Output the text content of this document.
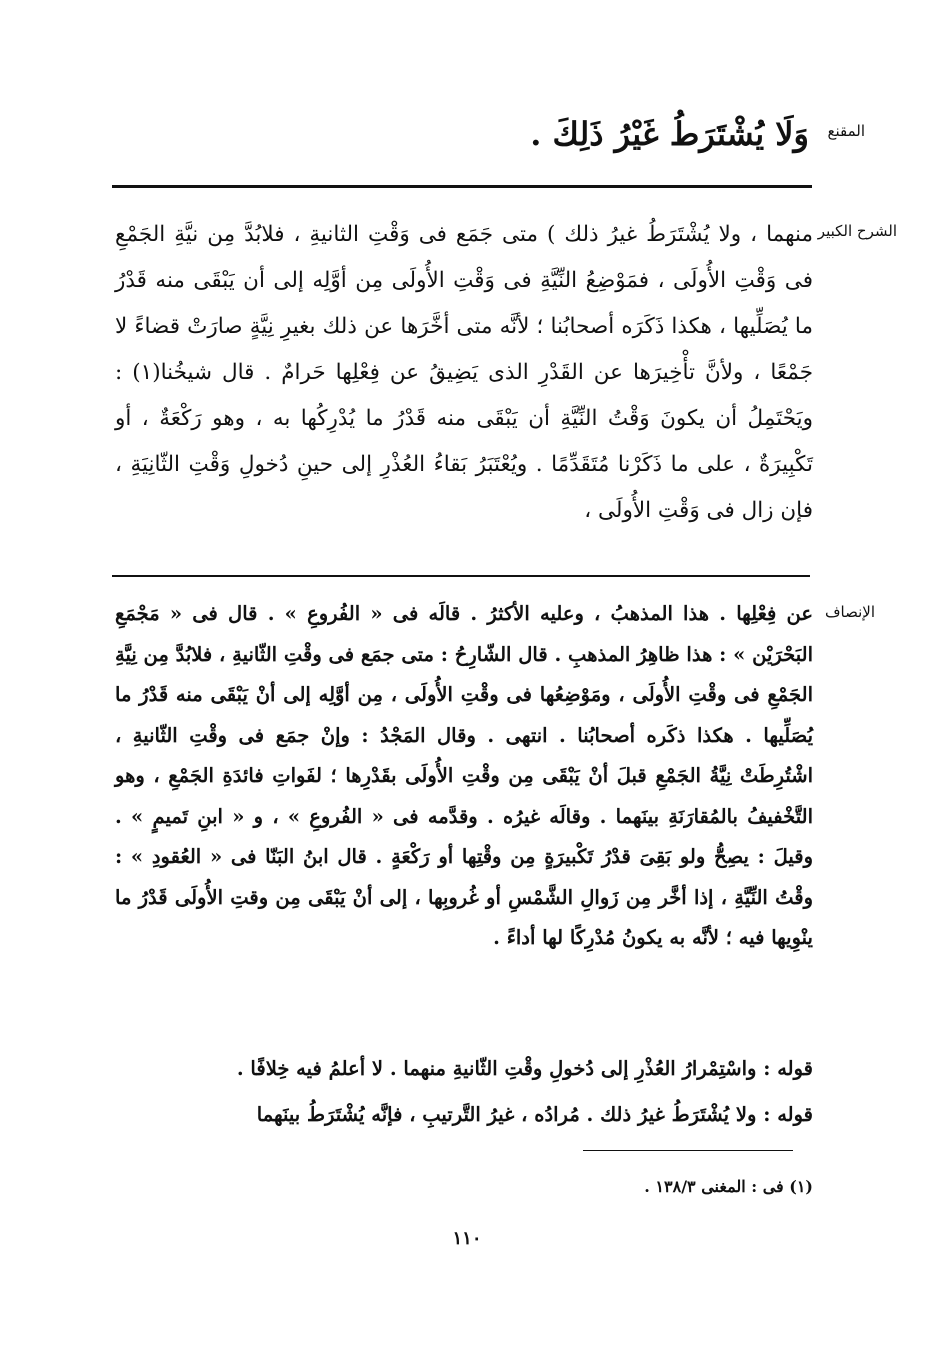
المقنع
وَلَا يُشْتَرَطُ غَيْرُ ذَلِكَ .
الشرح الكبير

منهما ، ولا يُشْتَرَطُ غيرُ ذلك ) متى جَمَع فى وَقْتِ الثانيةِ ، فلابُدَّ مِن نيَّةِ الجَمْعِ فى وَقْتِ الأُولَى ، فمَوْضِعُ النِّيَّةِ فى وَقْتِ الأُولَى مِن أوَّلِه إلى أن يَبْقَى منه قَدْرُ ما يُصَلِّيها ، هكذا ذَكَرَه أصحابُنا ؛ لأنَّه متى أخَّرَها عن ذلك بغيرِ نِيَّةٍ صارَتْ قضاءً لا جَمْعًا ، ولأنَّ تأْخِيرَها عن القَدْرِ الذى يَضِيقُ عن فِعْلِها حَرامٌ . قال شيخُنا(١) : ويَحْتَمِلُ أن يكونَ وَقْتُ النِّيَّةِ أن يَبْقَى منه قَدْرُ ما يُدْرِكُها به ، وهو رَكْعَةٌ ، أو تَكْبِيرَةٌ ، على ما ذَكَرْنا مُتَقَدِّمًا . ويُعْتَبَرُ بَقاءُ العُذْرِ إلى حينِ دُخولِ وَقْتِ الثّانِيَةِ ، فإن زال فى وَقْتِ الأُولَى ،

الإنصاف

عن فِعْلِها . هذا المذهبُ ، وعليه الأكثرُ . قالَه فى « الفُروعِ » . قال فى « مَجْمَعِ البَحْرَيْن » : هذا ظاهِرُ المذهبِ . قال الشّارِحُ : متى جمَع فى وقْتِ الثّانيةِ ، فلابُدَّ مِن نِيَّةِ الجَمْعِ فى وقْتِ الأُولَى ، ومَوْضِعُها فى وقْتِ الأُولَى ، مِن أوَّلِه إلى أنْ يَبْقَى منه قَدْرُ ما يُصَلِّيها . هكذا ذكَره أصحابُنا . انتهى . وقال المَجْدُ : وإنْ جمَع فى وقْتِ الثّانيةِ ، اشْتُرِطَتْ نِيَّةُ الجَمْعِ قبلَ أنْ يَبْقَى مِن وقْتِ الأُولَى بقَدْرِها ؛ لفَواتِ فائدَةِ الجَمْعِ ، وهو التَّخْفيفُ بالمُقارَنَةِ بينَهما . وقالَه غيرُه . وقدَّمه فى « الفُروعِ » ، و « ابنِ تَميمٍ » . وقيلَ : يصِحُّ ولو بَقِىَ قدْرُ تَكْبيرَةٍ مِن وقْتِها أو رَكْعَةٍ . قال ابنُ البَنّا فى « العُقودِ » : وقْتُ النِّيَّةِ ، إذا أخَّر مِن زَوالِ الشَّمْسِ أو غُروبِها ، إلى أنْ يَبْقَى مِن وقتِ الأُولَى قَدْرُ ما ينْوِيها فيه ؛ لأنَّه به يكونُ مُدْرِكًا لها أداءً .

قوله : واسْتِمْرارُ العُذْرِ إلى دُخولِ وقْتِ الثّانيةِ منهما . لا أعلمُ فيه خِلافًا .

قوله : ولا يُشْتَرَطُ غيرُ ذلك . مُرادُه ، غيرُ التَّرتيبِ ، فإنَّه يُشْتَرَطُ بينَهما

(١) فى : المغنى ١٣٨/٣ .

١١٠
